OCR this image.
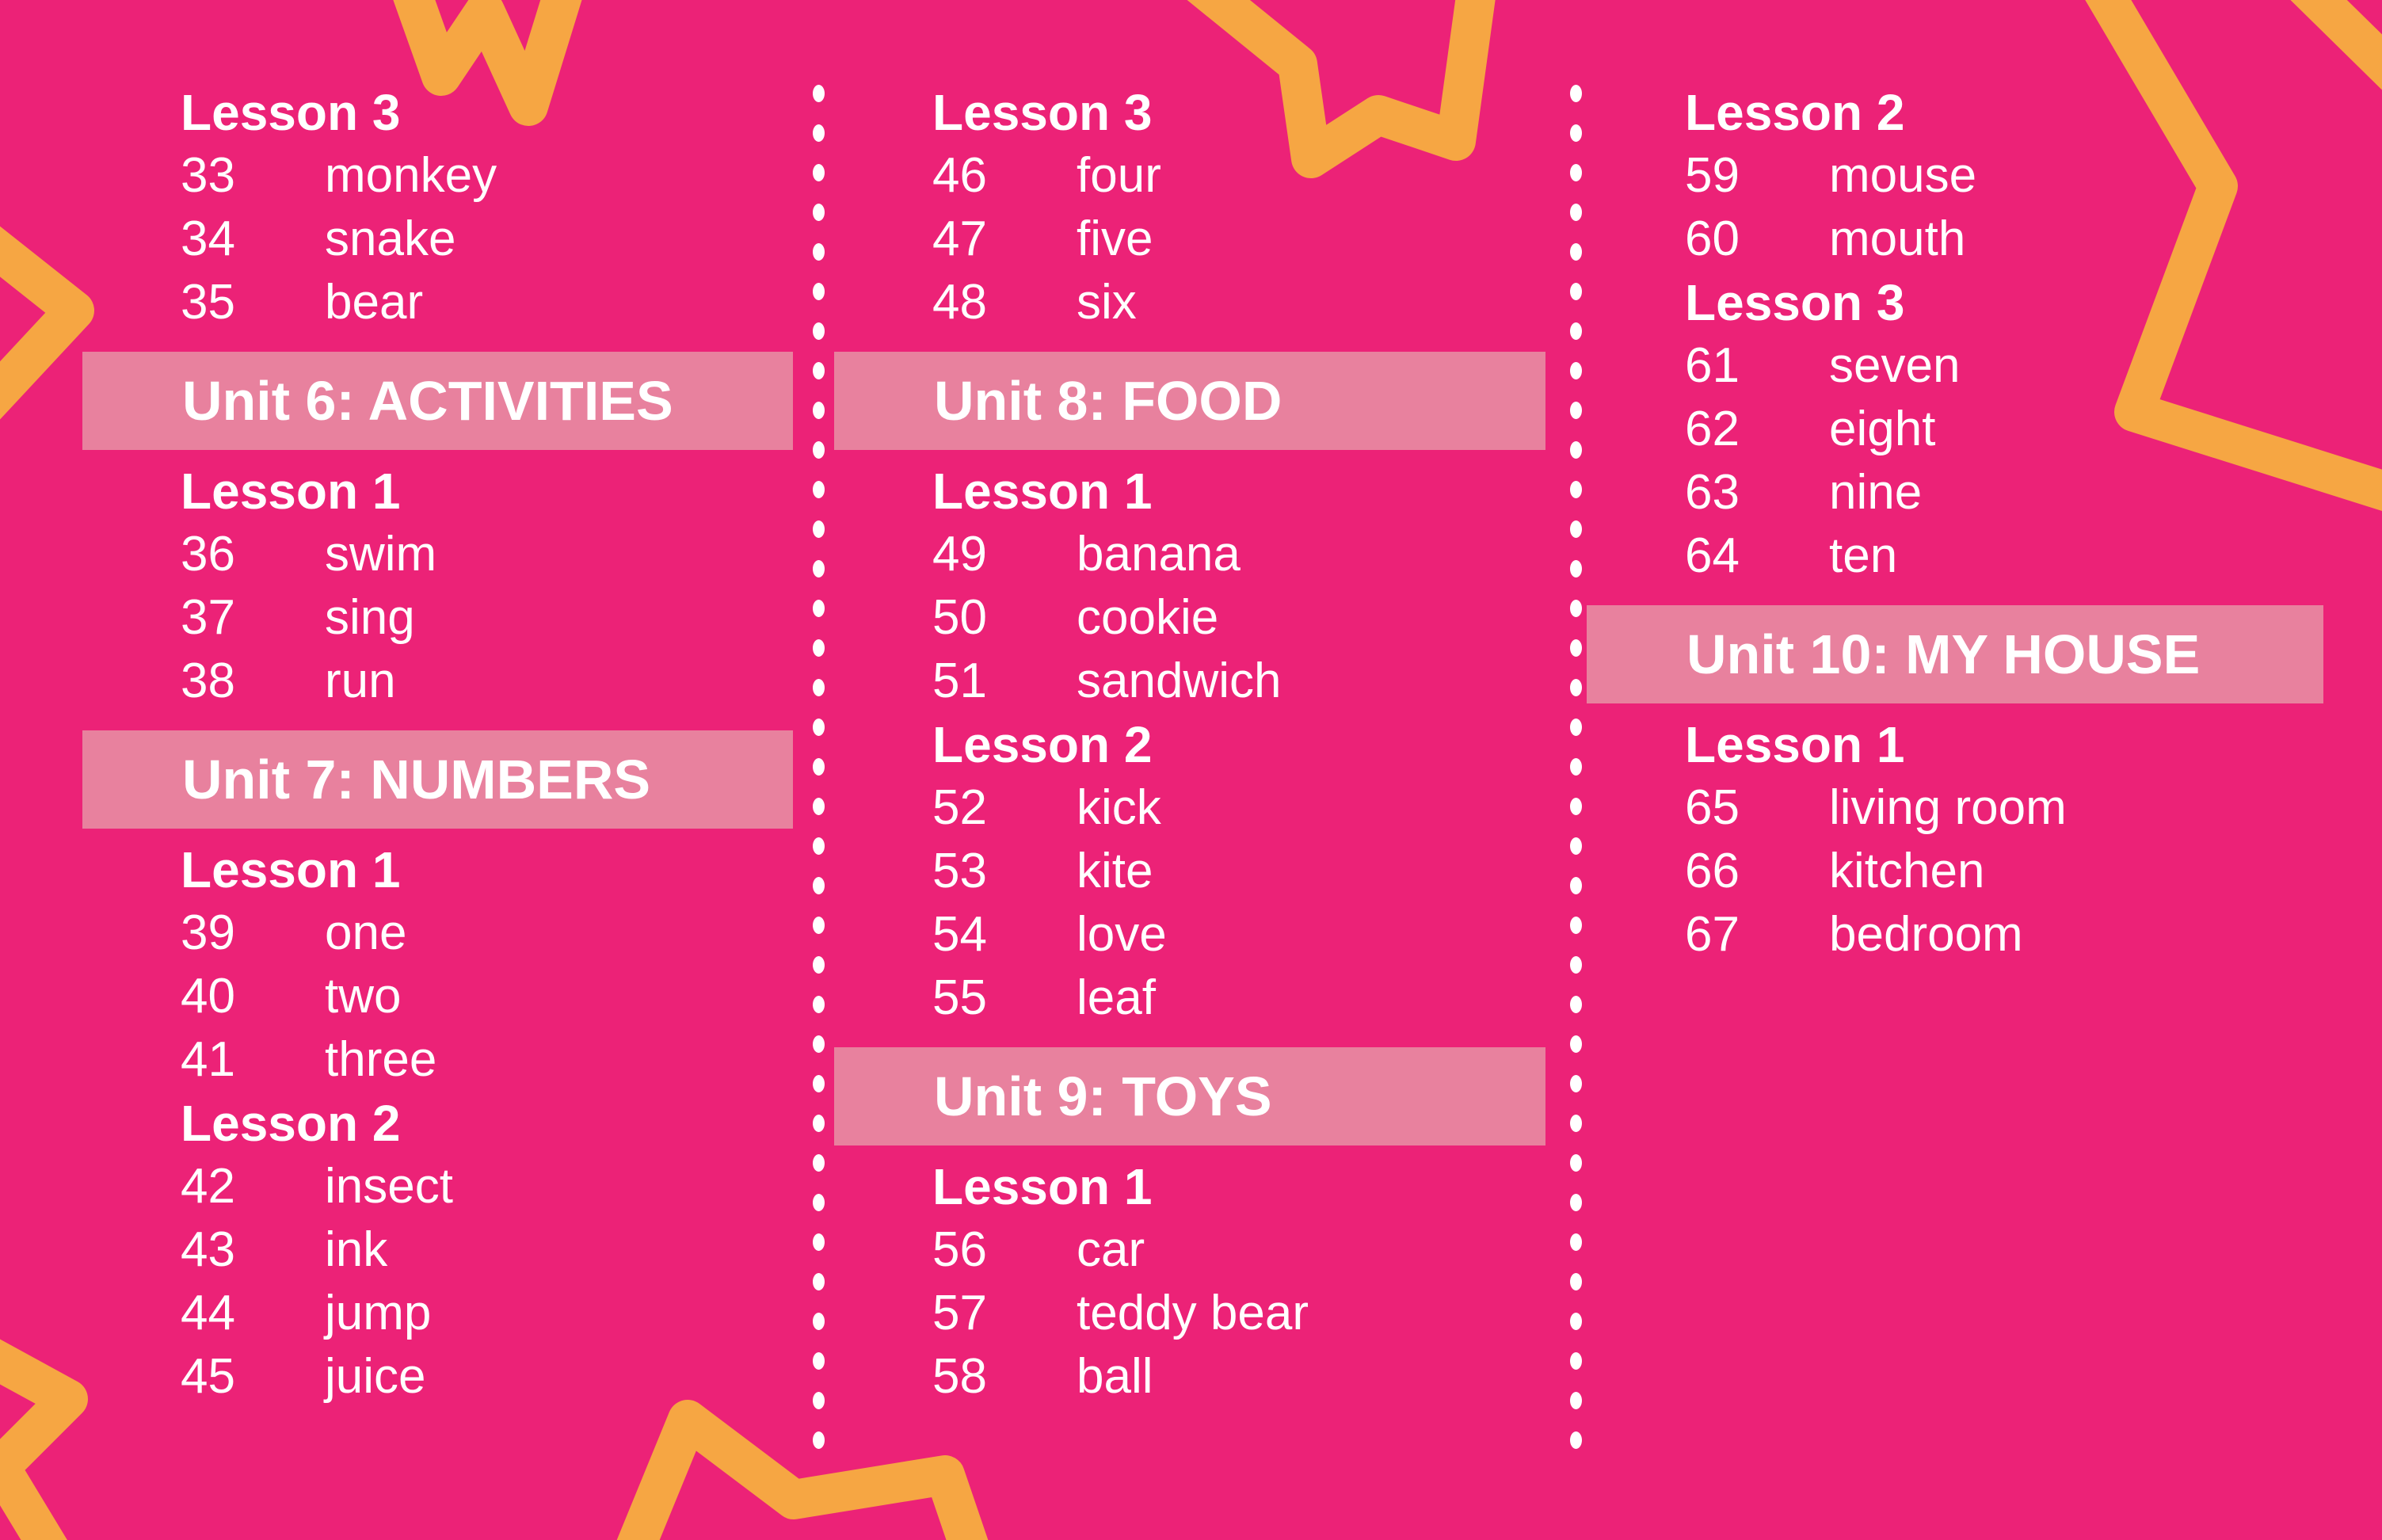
Lesson 3
33	monkey
34	snake
35	bear
Unit 6: ACTIVITIES
Lesson 1
36	swim
37	sing
38	run
Unit 7: NUMBERS
Lesson 1
39	one
40	two
41	three
Lesson 2
42	insect
43	ink
44	jump
45	juice
Lesson 3
46	four
47	five
48	six
Unit 8: FOOD
Lesson 1
49	banana
50	cookie
51	sandwich
Lesson 2
52	kick
53	kite
54	love
55	leaf
Unit 9: TOYS
Lesson 1
56	car
57	teddy bear
58	ball
Lesson 2
59	mouse
60	mouth
Lesson 3
61	seven
62	eight
63	nine
64	ten
Unit 10: MY HOUSE
Lesson 1
65	living room
66	kitchen
67	bedroom
